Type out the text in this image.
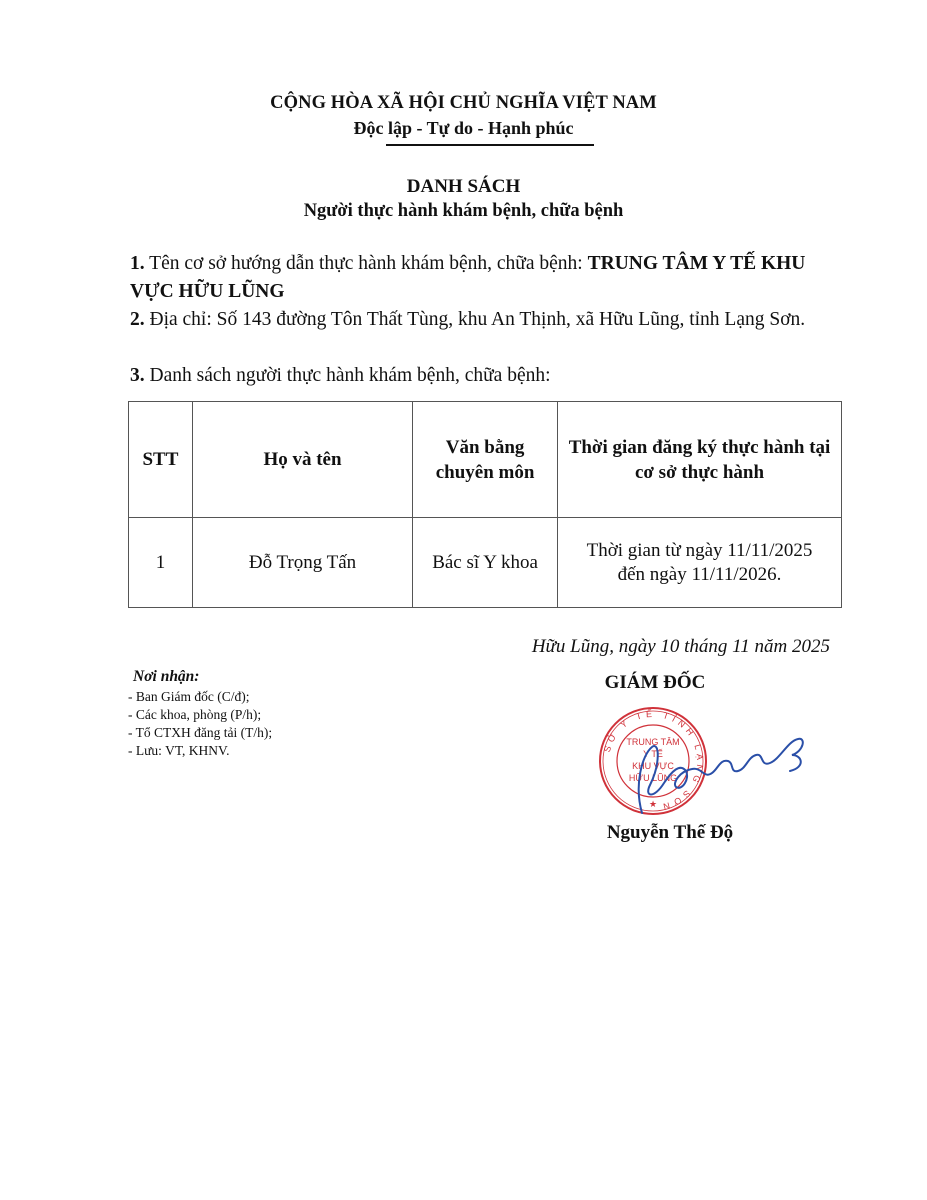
CỘNG HÒA XÃ HỘI CHỦ NGHĨA VIỆT NAM
Độc lập - Tự do - Hạnh phúc
DANH SÁCH
Người thực hành khám bệnh, chữa bệnh
1. Tên cơ sở hướng dẫn thực hành khám bệnh, chữa bệnh: TRUNG TÂM Y TẾ KHU VỰC HỮU LŨNG
2. Địa chỉ: Số 143 đường Tôn Thất Tùng, khu An Thịnh, xã Hữu Lũng, tỉnh Lạng Sơn.
3. Danh sách người thực hành khám bệnh, chữa bệnh:
STT	Họ và tên	Văn bằng chuyên môn	Thời gian đăng ký thực hành tại cơ sở thực hành
1	Đỗ Trọng Tấn	Bác sĩ Y khoa	Thời gian từ ngày 11/11/2025
đến ngày 11/11/2026.
Hữu Lũng, ngày 10 tháng 11 năm 2025
Nơi nhận:
- Ban Giám đốc (C/đ);
- Các khoa, phòng (P/h);
- Tổ CTXH đăng tải (T/h);
- Lưu: VT, KHNV.
GIÁM ĐỐC
SỞ Y TẾ TỈNH LẠNG SƠN
TRUNG TÂM
Y TẾ
KHU VỰC
HỮU LŨNG
★
Nguyễn Thế Độ
